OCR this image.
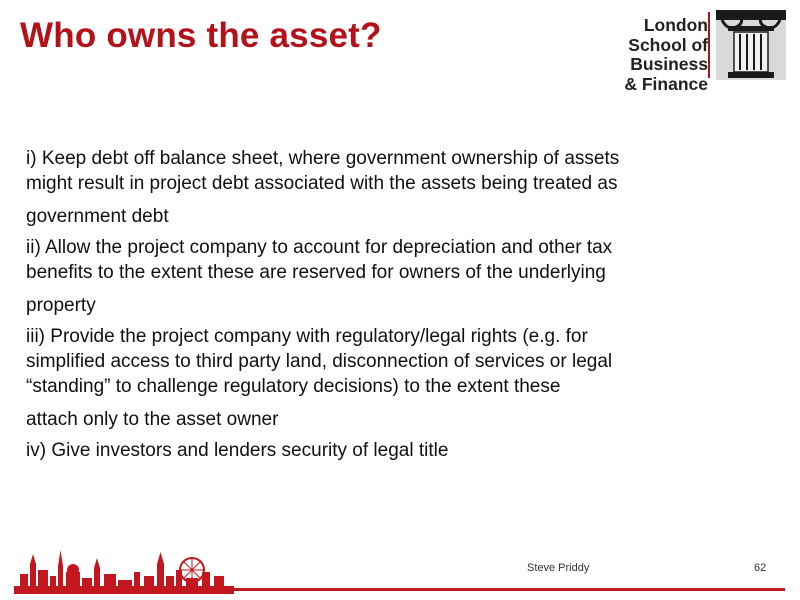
Who owns the asset?	London
School of Business
& Finance

i) Keep debt off balance sheet, where government ownership of assets
might result in project debt associated with the assets being treated as
government debt

ii) Allow the project company to account for depreciation and other tax
benefits to the extent these are reserved for owners of the underlying
property

iii) Provide the project company with regulatory/legal rights (e.g. for
simplified access to third party land, disconnection of services or legal
“standing” to challenge regulatory decisions) to the extent these
attach only to the asset owner

iv) Give investors and lenders security of legal title

Steve Priddy	62
